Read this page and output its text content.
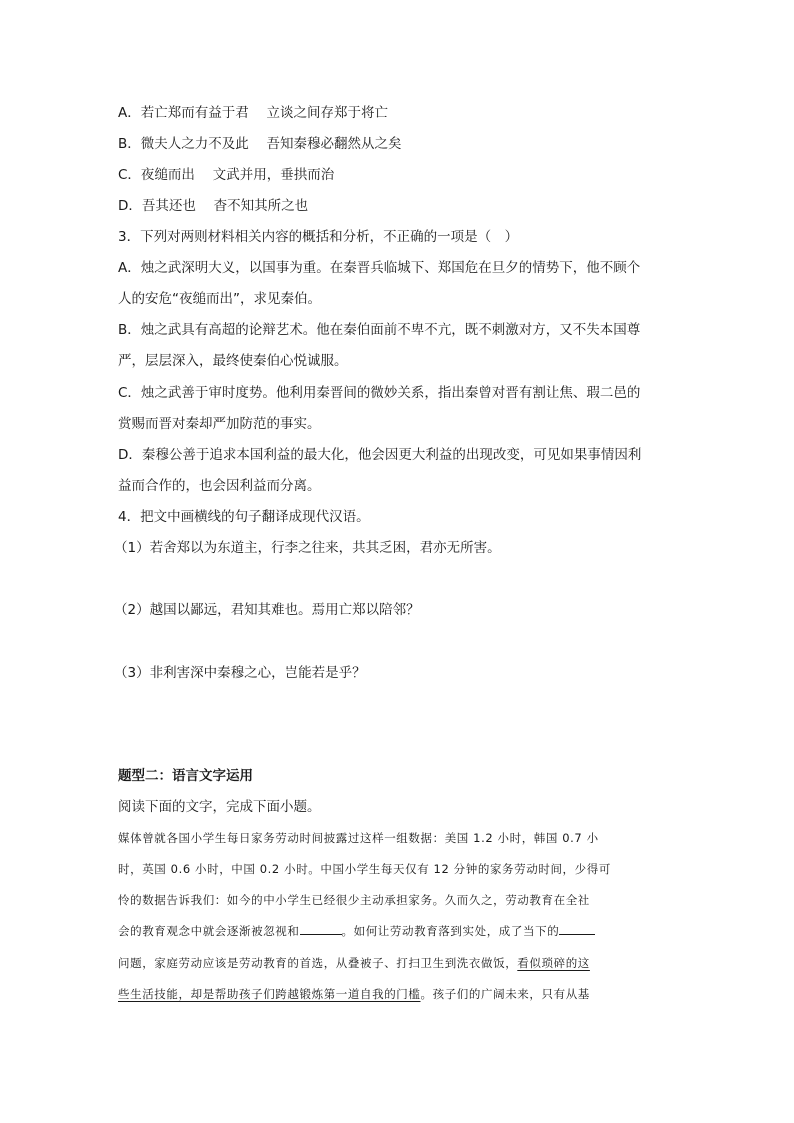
A．若亡郑而有益于君　 立谈之间存郑于将亡
B．微夫人之力不及此　 吾知秦穆必翻然从之矣
C．夜缒而出　 文武并用，垂拱而治
D．吾其还也　 杳不知其所之也
3．下列对两则材料相关内容的概括和分析，不正确的一项是（　）
A．烛之武深明大义，以国事为重。在秦晋兵临城下、郑国危在旦夕的情势下，他不顾个
人的安危“夜缒而出”，求见秦伯。
B．烛之武具有高超的论辩艺术。他在秦伯面前不卑不亢，既不刺激对方，又不失本国尊
严，层层深入，最终使秦伯心悦诚服。
C．烛之武善于审时度势。他利用秦晋间的微妙关系，指出秦曾对晋有割让焦、瑕二邑的
赏赐而晋对秦却严加防范的事实。
D．秦穆公善于追求本国利益的最大化，他会因更大利益的出现改变，可见如果事情因利
益而合作的，也会因利益而分离。
4．把文中画横线的句子翻译成现代汉语。
（1）若舍郑以为东道主，行李之往来，共其乏困，君亦无所害。
（2）越国以鄙远，君知其难也。焉用亡郑以陪邻？
（3）非利害深中秦穆之心，岂能若是乎？
题型二：语言文字运用
阅读下面的文字，完成下面小题。
媒体曾就各国小学生每日家务劳动时间披露过这样一组数据：美国 1.2 小时，韩国 0.7 小
时，英国 0.6 小时，中国 0.2 小时。中国小学生每天仅有 12 分钟的家务劳动时间，少得可
怜的数据告诉我们：如今的中小学生已经很少主动承担家务。久而久之，劳动教育在全社
会的教育观念中就会逐渐被忽视和	。如何让劳动教育落到实处，成了当下的
问题，家庭劳动应该是劳动教育的首选，从叠被子、打扫卫生到洗衣做饭，看似琐碎的这
些生活技能，却是帮助孩子们跨越锻炼第一道自我的门槛。孩子们的广阔未来，只有从基
